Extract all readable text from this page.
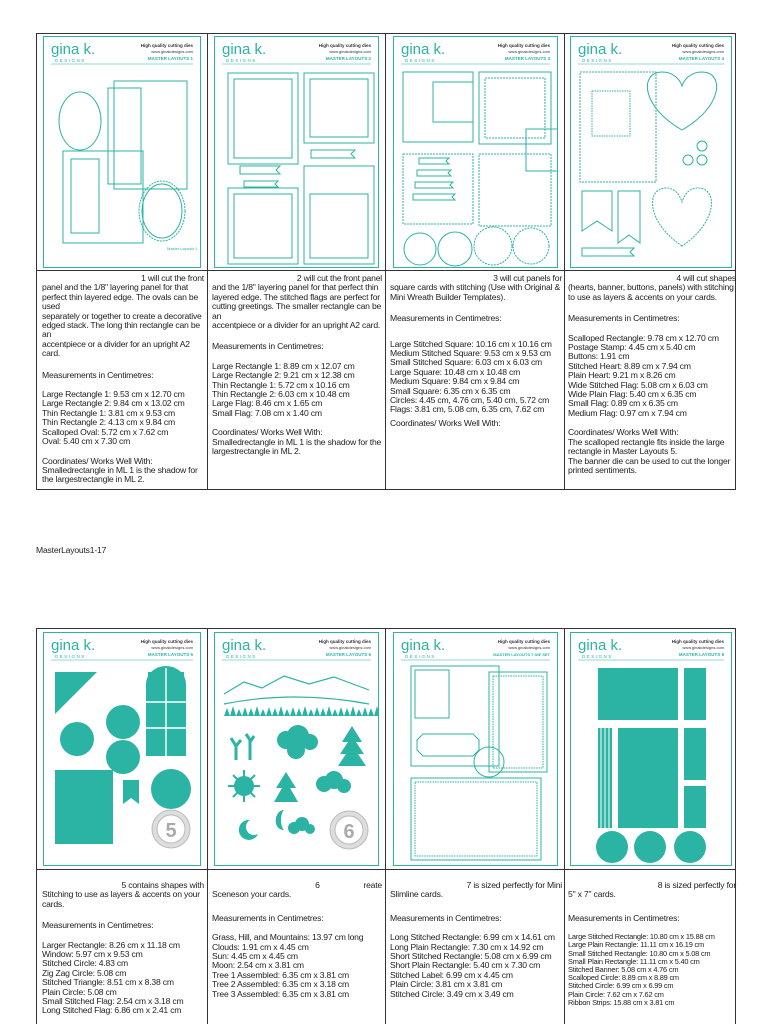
gina k.
DESIGNS
High quality cutting dies
www.ginakdesigns.com
MASTER LAYOUTS 1
Master Layouts 1
gina k.
DESIGNS
High quality cutting dies
www.ginakdesigns.com
MASTER LAYOUTS 2
gina k.
DESIGNS
High quality cutting dies
www.ginakdesigns.com
MASTER LAYOUTS 3
gina k.
DESIGNS
High quality cutting dies
www.ginakdesigns.com
MASTER LAYOUTS 4
1 will cut the front
panel and the 1/8" layering panel for that
perfect thin layered edge. The ovals can be used
separately or together to create a decorative
edged stack. The long thin rectangle can be an
accentpiece or a divider for an upright A2 card.
Measurements in Centimetres:
Large Rectangle 1: 9.53 cm x 12.70 cm
Large Rectangle 2: 9.84 cm x 13.02 cm
Thin Rectangle 1: 3.81 cm x 9.53 cm
Thin Rectangle 2: 4.13 cm x 9.84 cm
Scalloped Oval: 5.72 cm x 7.62 cm
Oval: 5.40 cm x 7.30 cm
Coordinates/ Works Well With:
Smalledrectangle in ML 1 is the shadow for
the largestrectangle in ML 2.
2 will cut the front panel
and the 1/8" layering panel for that perfect thin
layered edge. The stitched flags are perfect for
cutting greetings. The smaller rectangle can be an
accentpiece or a divider for an upright A2 card.
Measurements in Centimetres:
Large Rectangle 1: 8.89 cm x 12.07 cm
Large Rectangle 2: 9.21 cm x 12.38 cm
Thin Rectangle 1: 5.72 cm x 10.16 cm
Thin Rectangle 2: 6.03 cm x 10.48 cm
Large Flag: 8.46 cm x 1.65 cm
Small Flag: 7.08 cm x 1.40 cm
Coordinates/ Works Well With:
Smalledrectangle in ML 1 is the shadow for the
largestrectangle in ML 2.
3 will cut panels for
square cards with stitching (Use with Original &
Mini Wreath Builder Templates).
Measurements in Centimetres:
Large Stitched Square: 10.16 cm x 10.16 cm
Medium Stitched Square: 9.53 cm x 9.53 cm
Small Stitched Square: 6.03 cm x 6.03 cm
Large Square: 10.48 cm x 10.48 cm
Medium Square: 9.84 cm x 9.84 cm
Small Square: 6.35 cm x 6.35 cm
Circles: 4.45 cm, 4.76 cm, 5.40 cm, 5.72 cm
Flags: 3.81 cm, 5.08 cm, 6.35 cm, 7.62 cm
Coordinates/ Works Well With:
4 will cut shapes
(hearts, banner, buttons, panels) with stitching
to use as layers & accents on your cards.
Measurements in Centimetres:
Scalloped Rectangle: 9.78 cm x 12.70 cm
Postage Stamp: 4.45 cm x 5.40 cm
Buttons: 1.91 cm
Stitched Heart: 8.89 cm x 7.94 cm
Plain Heart: 9.21 m x 8.26 cm
Wide Stitched Flag: 5.08 cm x 6.03 cm
Wide Plain Flag: 5.40 cm x 6.35 cm
Small Flag: 0.89 cm x 6.35 cm
Medium Flag: 0.97 cm x 7.94 cm
Coordinates/ Works Well With:
The scalloped rectangle fits inside the large
rectangle in Master Layouts 5.
The banner die can be used to cut the longer
printed sentiments.
MasterLayouts1-17
gina k.
DESIGNS
High quality cutting dies
www.ginakdesigns.com
MASTER LAYOUTS 5
5
gina k.
DESIGNS
High quality cutting dies
www.ginakdesigns.com
MASTER LAYOUTS 6
6
gina k.
DESIGNS
High quality cutting dies
www.ginakdesigns.com
MASTER LAYOUTS 7 DIE SET
gina k.
DESIGNS
High quality cutting dies
www.ginakdesigns.com
MASTER LAYOUTS 8
5 contains shapes with
Stitching to use as layers & accents on your
cards.
Measurements in Centimetres:
Larger Rectangle: 8.26 cm x 11.18 cm
Window: 5.97 cm x 9.53 cm
Stitched Circle: 4.83 cm
Zig Zag Circle: 5.08 cm
Stitched Triangle: 8.51 cm x 8.38 cm
Plain Circle: 5.08 cm
Small Stitched Flag: 2.54 cm x 3.18 cm
Long Stitched Flag: 6.86 cm x 2.41 cm
6                    reate
Sceneson your cards.
Measurements in Centimetres:
Grass, Hill, and Mountains: 13.97 cm long
Clouds: 1.91 cm x 4.45 cm
Sun: 4.45 cm x 4.45 cm
Moon: 2.54 cm x 3.81 cm
Tree 1 Assembled: 6.35 cm x 3.81 cm
Tree 2 Assembled: 6.35 cm x 3.18 cm
Tree 3 Assembled: 6.35 cm x 3.81 cm
7 is sized perfectly for Mini
Slimline cards.
Measurements in Centimetres:
Long Stitched Rectangle: 6.99 cm x 14.61 cm
Long Plain Rectangle: 7.30 cm x 14.92 cm
Short Stitched Rectangle: 5.08 cm x 6.99 cm
Short Plain Rectangle: 5.40 cm x 7.30 cm
Stitched Label: 6.99 cm x 4.45 cm
Plain Circle: 3.81 cm x 3.81 cm
Stitched Circle: 3.49 cm x 3.49 cm
8 is sized perfectly for
5" x 7" cards.
Measurements in Centimetres:
Large Stitched Rectangle: 10.80 cm x 15.88 cm
Large Plain Rectangle: 11.11 cm x 16.19 cm
Small Stitched Rectangle: 10.80 cm x 5.08 cm
Small Plain Rectangle: 11.11 cm x 5.40 cm
Stitched Banner: 5.08 cm x 4.76 cm
Scalloped Circle: 8.89 cm x 8.89 cm
Stitched Circle: 6.99 cm x 6.99 cm
Plain Circle: 7.62 cm x 7.62 cm
Ribbon Strips: 15.88 cm x 3.81 cm
